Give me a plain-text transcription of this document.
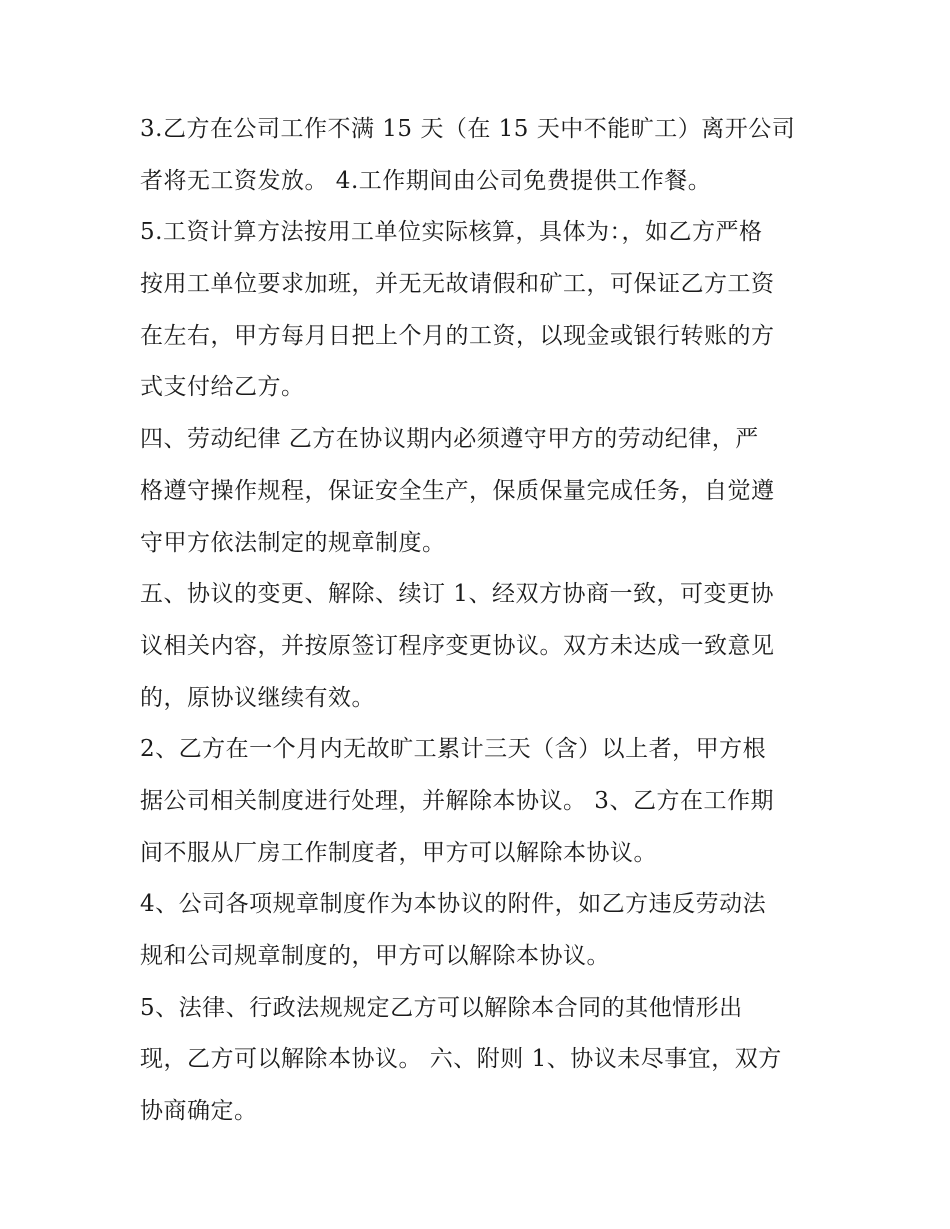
3.乙方在公司工作不满 15 天（在 15 天中不能旷工）离开公司
者将无工资发放。 4.工作期间由公司免费提供工作餐。
5.工资计算方法按用工单位实际核算，具体为：，如乙方严格
按用工单位要求加班，并无无故请假和矿工，可保证乙方工资
在左右，甲方每月日把上个月的工资，以现金或银行转账的方
式支付给乙方。
四、劳动纪律 乙方在协议期内必须遵守甲方的劳动纪律，严
格遵守操作规程，保证安全生产，保质保量完成任务，自觉遵
守甲方依法制定的规章制度。
五、协议的变更、解除、续订 1、经双方协商一致，可变更协
议相关内容，并按原签订程序变更协议。双方未达成一致意见
的，原协议继续有效。
2、乙方在一个月内无故旷工累计三天（含）以上者，甲方根
据公司相关制度进行处理，并解除本协议。 3、乙方在工作期
间不服从厂房工作制度者，甲方可以解除本协议。
4、公司各项规章制度作为本协议的附件，如乙方违反劳动法
规和公司规章制度的，甲方可以解除本协议。
5、法律、行政法规规定乙方可以解除本合同的其他情形出
现，乙方可以解除本协议。 六、附则 1、协议未尽事宜，双方
协商确定。
